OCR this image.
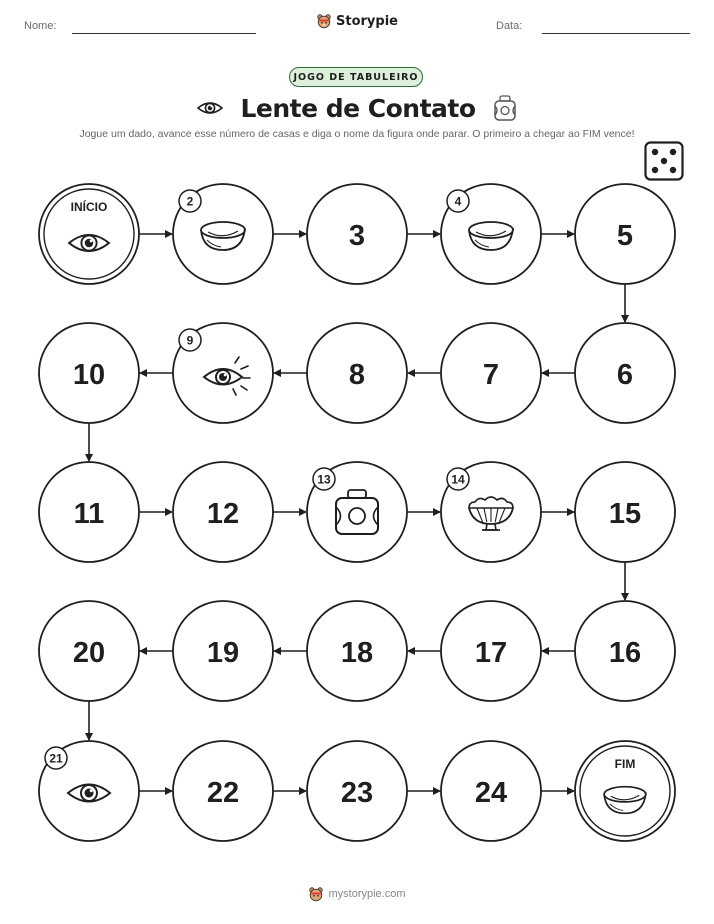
Nome:	Data:
Storypie
JOGO DE TABULEIRO
Lente de Contato
Jogue um dado, avance esse número de casas e diga o nome da figura onde parar. O primeiro a chegar ao FIM vence!
INÍCIO	2
3
4
5
6
7
8
9
10
11	12
13	14
15
16
17
18
19
20
21
22	23	24
FIM
mystorypie.com
